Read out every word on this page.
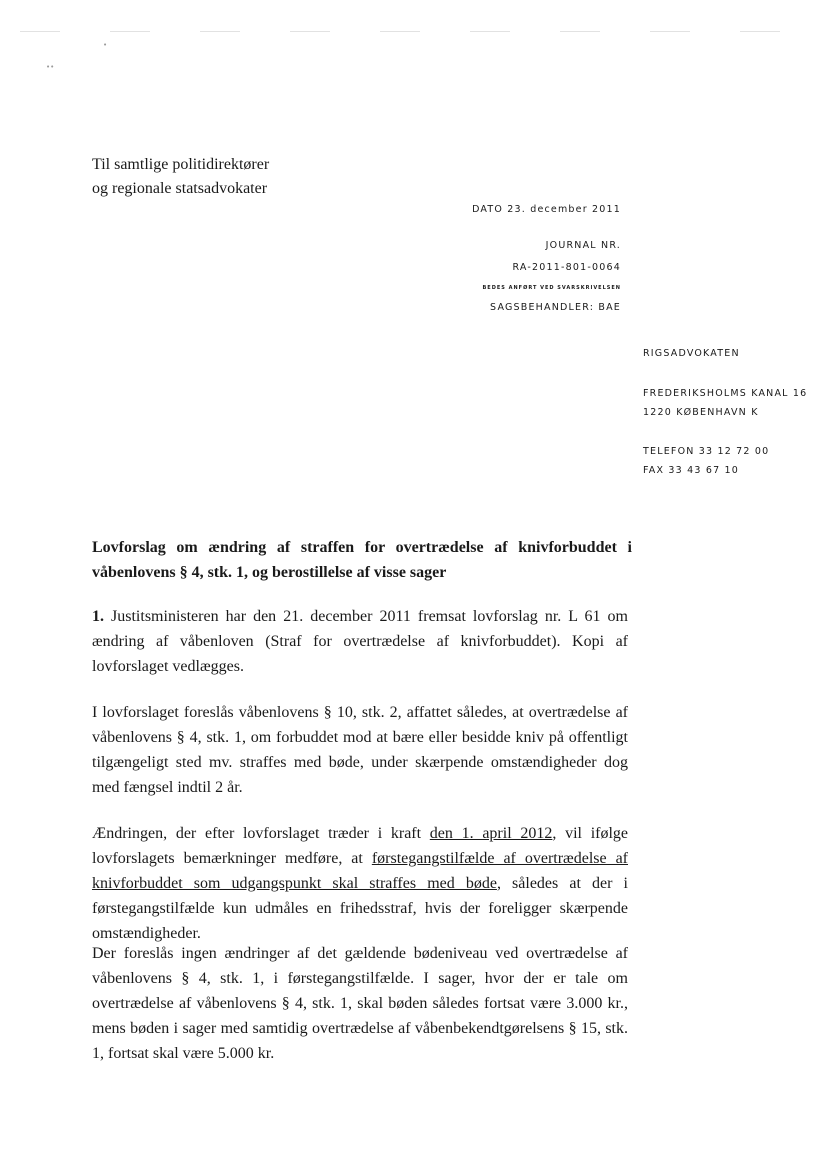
•
••
Til samtlige politidirektører
og regionale statsadvokater
DATO 23. december 2011
JOURNAL NR.
RA-2011-801-0064
BEDES ANFØRT VED SVARSKRIVELSEN
SAGSBEHANDLER: BAE
RIGSADVOKATEN
FREDERIKSHOLMS KANAL 16
1220 KØBENHAVN K
TELEFON 33 12 72 00
FAX 33 43 67 10
Lovforslag om ændring af straffen for overtrædelse af knivforbuddet i våbenlovens § 4, stk. 1, og berostillelse af visse sager
1. Justitsministeren har den 21. december 2011 fremsat lovforslag nr. L 61 om ændring af våbenloven (Straf for overtrædelse af knivforbuddet). Kopi af lovforslaget vedlægges.
I lovforslaget foreslås våbenlovens § 10, stk. 2, affattet således, at overtrædelse af våbenlovens § 4, stk. 1, om forbuddet mod at bære eller besidde kniv på offentligt tilgængeligt sted mv. straffes med bøde, under skærpende omstændigheder dog med fængsel indtil 2 år.
Ændringen, der efter lovforslaget træder i kraft den 1. april 2012, vil ifølge lovforslagets bemærkninger medføre, at førstegangstilfælde af overtrædelse af knivforbuddet som udgangspunkt skal straffes med bøde, således at der i førstegangstilfælde kun udmåles en frihedsstraf, hvis der foreligger skærpende omstændigheder.
Der foreslås ingen ændringer af det gældende bødeniveau ved overtrædelse af våbenlovens § 4, stk. 1, i førstegangstilfælde. I sager, hvor der er tale om overtrædelse af våbenlovens § 4, stk. 1, skal bøden således fortsat være 3.000 kr., mens bøden i sager med samtidig overtrædelse af våbenbekendtgørelsens § 15, stk. 1, fortsat skal være 5.000 kr.
